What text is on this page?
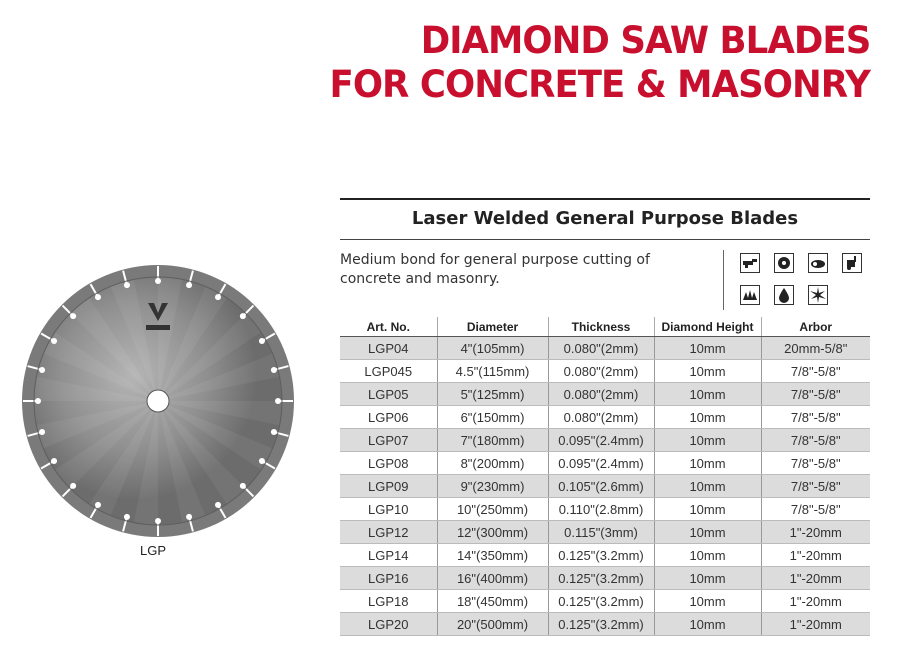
DIAMOND SAW BLADES
FOR CONCRETE & MASONRY
LGP
Laser Welded General Purpose Blades
Medium bond for general purpose cutting of concrete and masonry.
Art. No.	Diameter	Thickness	Diamond Height	Arbor
LGP04	4"(105mm)	0.080"(2mm)	10mm	20mm-5/8"
LGP045	4.5"(115mm)	0.080"(2mm)	10mm	7/8"-5/8"
LGP05	5"(125mm)	0.080"(2mm)	10mm	7/8"-5/8"
LGP06	6"(150mm)	0.080"(2mm)	10mm	7/8"-5/8"
LGP07	7"(180mm)	0.095"(2.4mm)	10mm	7/8"-5/8"
LGP08	8"(200mm)	0.095"(2.4mm)	10mm	7/8"-5/8"
LGP09	9"(230mm)	0.105"(2.6mm)	10mm	7/8"-5/8"
LGP10	10"(250mm)	0.110"(2.8mm)	10mm	7/8"-5/8"
LGP12	12"(300mm)	0.115"(3mm)	10mm	1"-20mm
LGP14	14"(350mm)	0.125"(3.2mm)	10mm	1"-20mm
LGP16	16"(400mm)	0.125"(3.2mm)	10mm	1"-20mm
LGP18	18"(450mm)	0.125"(3.2mm)	10mm	1"-20mm
LGP20	20"(500mm)	0.125"(3.2mm)	10mm	1"-20mm
